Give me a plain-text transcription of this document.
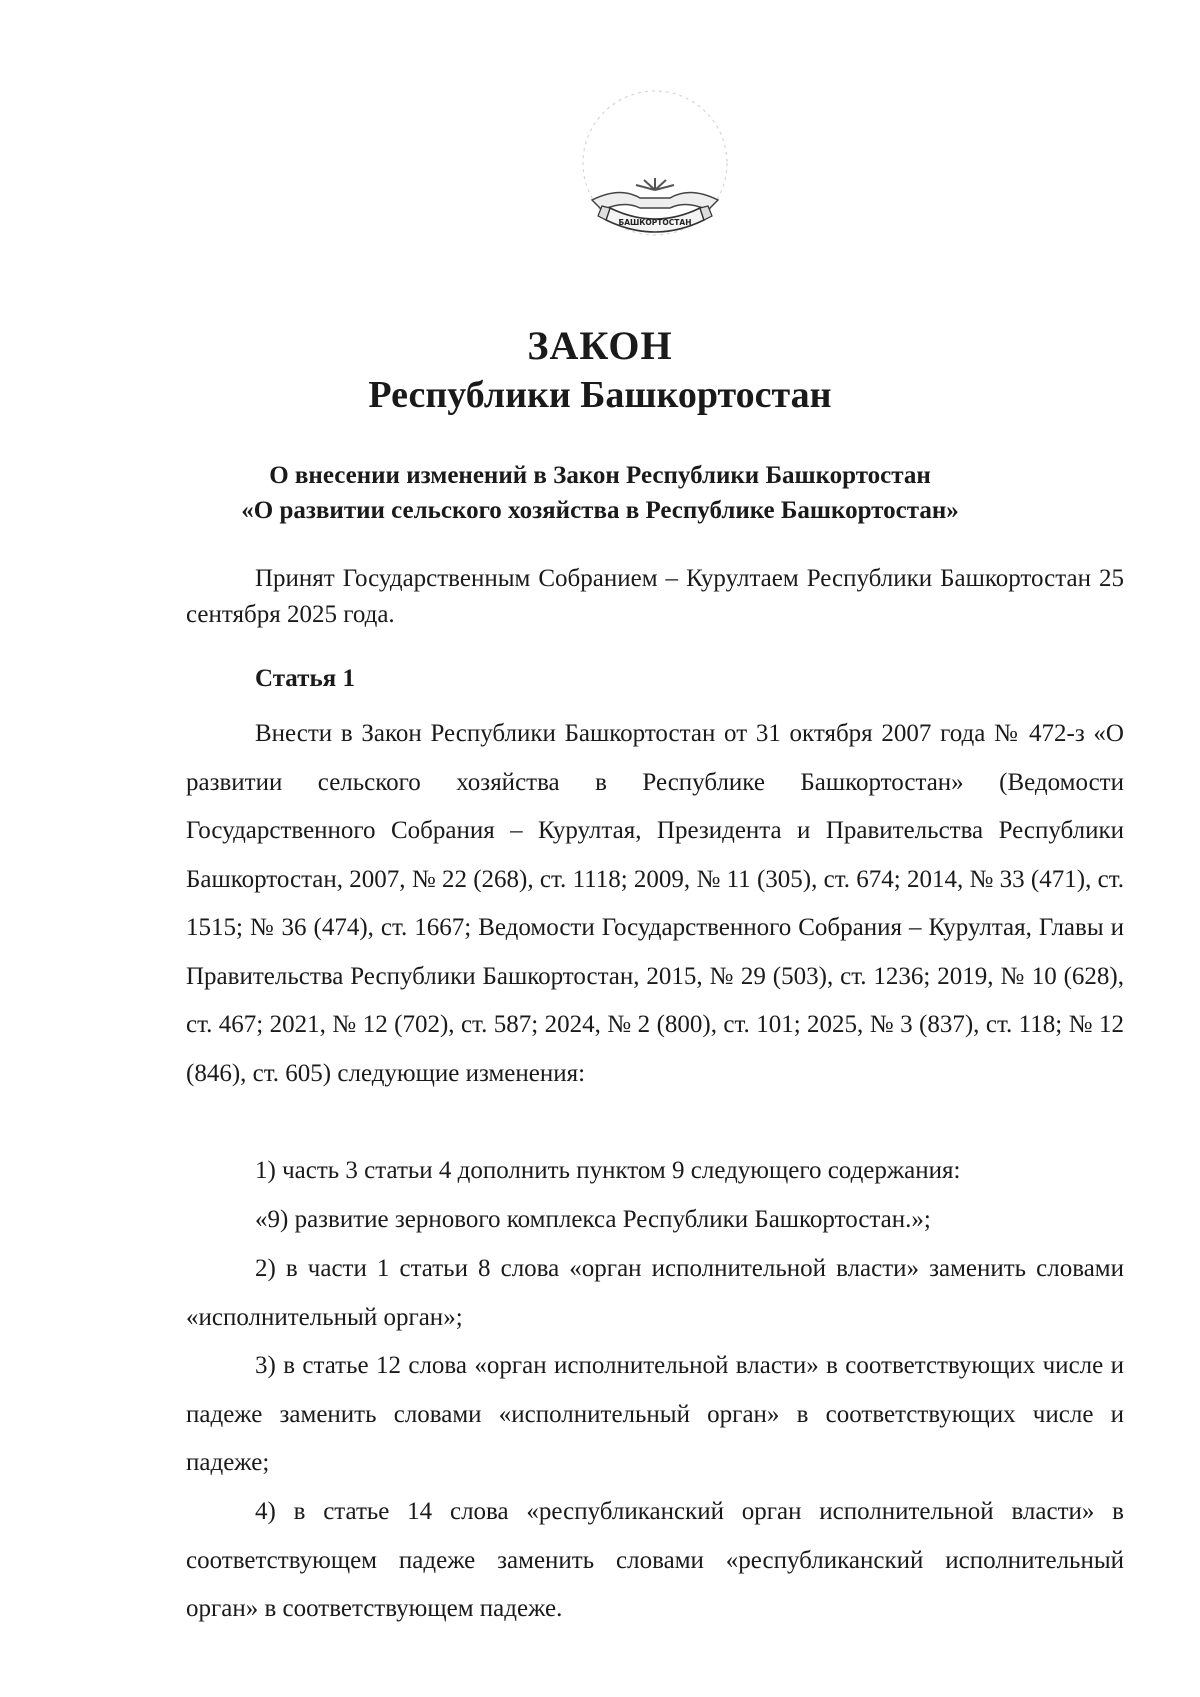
БАШКОРТОСТАН
ЗАКОН
Республики Башкортостан

О внесении изменений в Закон Республики Башкортостан

«О развитии сельского хозяйства в Республике Башкортостан»

Принят Государственным Собранием – Курултаем Республики Башкортостан 25 сентября 2025 года.

Статья 1

Внести в Закон Республики Башкортостан от 31 октября 2007 года № 472-з «О развитии сельского хозяйства в Республике Башкортостан» (Ведомости Государственного Собрания – Курултая, Президента и Правительства Республики Башкортостан, 2007, № 22 (268), ст. 1118; 2009, № 11 (305), ст. 674; 2014, № 33 (471), ст. 1515; № 36 (474), ст. 1667; Ведомости Государственного Собрания – Курултая, Главы и Правительства Республики Башкортостан, 2015, № 29 (503), ст. 1236; 2019, № 10 (628), ст. 467; 2021, № 12 (702), ст. 587; 2024, № 2 (800), ст. 101; 2025, № 3 (837), ст. 118; № 12 (846), ст. 605) следующие изменения:

1) часть 3 статьи 4 дополнить пунктом 9 следующего содержания:

«9) развитие зернового комплекса Республики Башкортостан.»;

2) в части 1 статьи 8 слова «орган исполнительной власти» заменить словами «исполнительный орган»;

3) в статье 12 слова «орган исполнительной власти» в соответствующих числе и падеже заменить словами «исполнительный орган» в соответствующих числе и падеже;

4) в статье 14 слова «республиканский орган исполнительной власти» в соответствующем падеже заменить словами «республиканский исполнительный орган» в соответствующем падеже.
